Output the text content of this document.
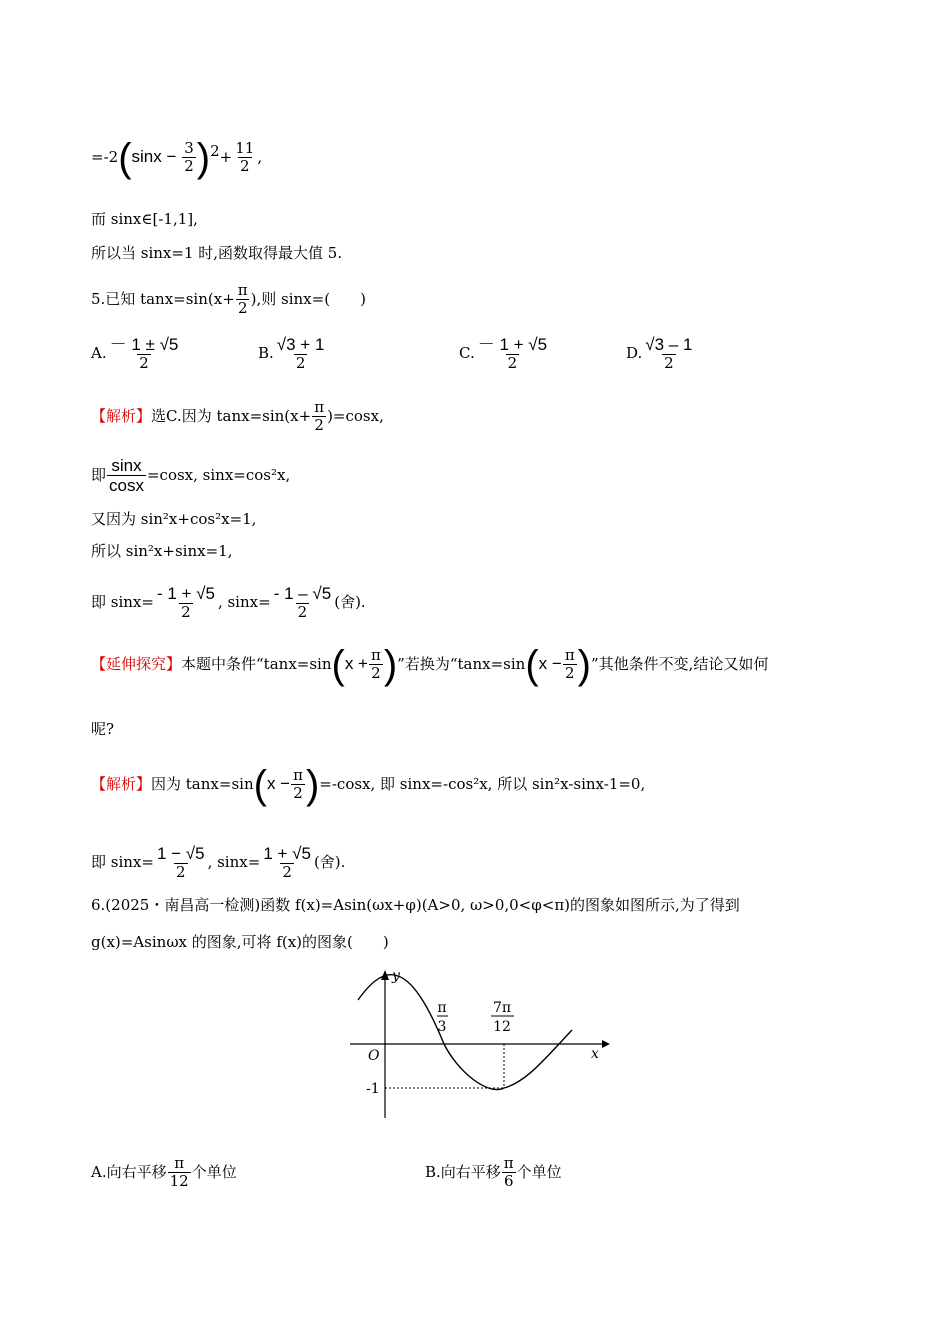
$=-2(\sin x - \frac{3}{2} )2+ \frac{11}{2}$ ,
而 sinx∈[-1,1],
所以当 sinx=1 时,函数取得最大值 5.
5.已知 $\tan x=\sin(x+ \frac{\pi}{2}$ ),则 sinx=(　　)
A. $\frac{- 1 \pm √5}{2}$	B. $\frac{√3 + 1}{2}$	C. $\frac{- 1 + √5}{2}$	D. $\frac{√3 - 1}{2}$
【解析】选C.因为 $\tan x=\sin(x+ \frac{\pi}{2} )=\cos x$,
即 $\frac{\sin x}{\cos x} =\cos x$, sinx=cos²x,
又因为 sin²x+cos²x=1,
所以 sin²x+sinx=1,
即 $\sin x= \frac{- 1 + √5}{2}$ , $\sin x= \frac{- 1 - √5}{2}$ (舍).
【延伸探究】本题中条件“$\tan x=\sin(x + \frac{\pi}{2}$ )”若换为“$\tan x=\sin(x - \frac{\pi}{2}$ )”其他条件不变,结论又如何
呢?
【解析】因为 $\tan x=\sin(x - \frac{\pi}{2} )=-\cos x$, 即 sinx=-cos²x, 所以 sin²x-sinx-1=0,
即 $\sin x= \frac{1 - √5}{2}$ , $\sin x= \frac{1 + √5}{2}$ (舍).
6.(2025・南昌高一检测)函数 f(x)=Asin(ωx+φ)(A>0, ω>0,0<φ<π)的图象如图所示,为了得到
g(x)=Asinωx 的图象,可将 f(x)的图象(　　)
y
x
O
π
3
7π
12
-1
A.向右平移 $\frac{\pi}{12}$ 个单位	B.向右平移 $\frac{\pi}{6}$ 个单位
